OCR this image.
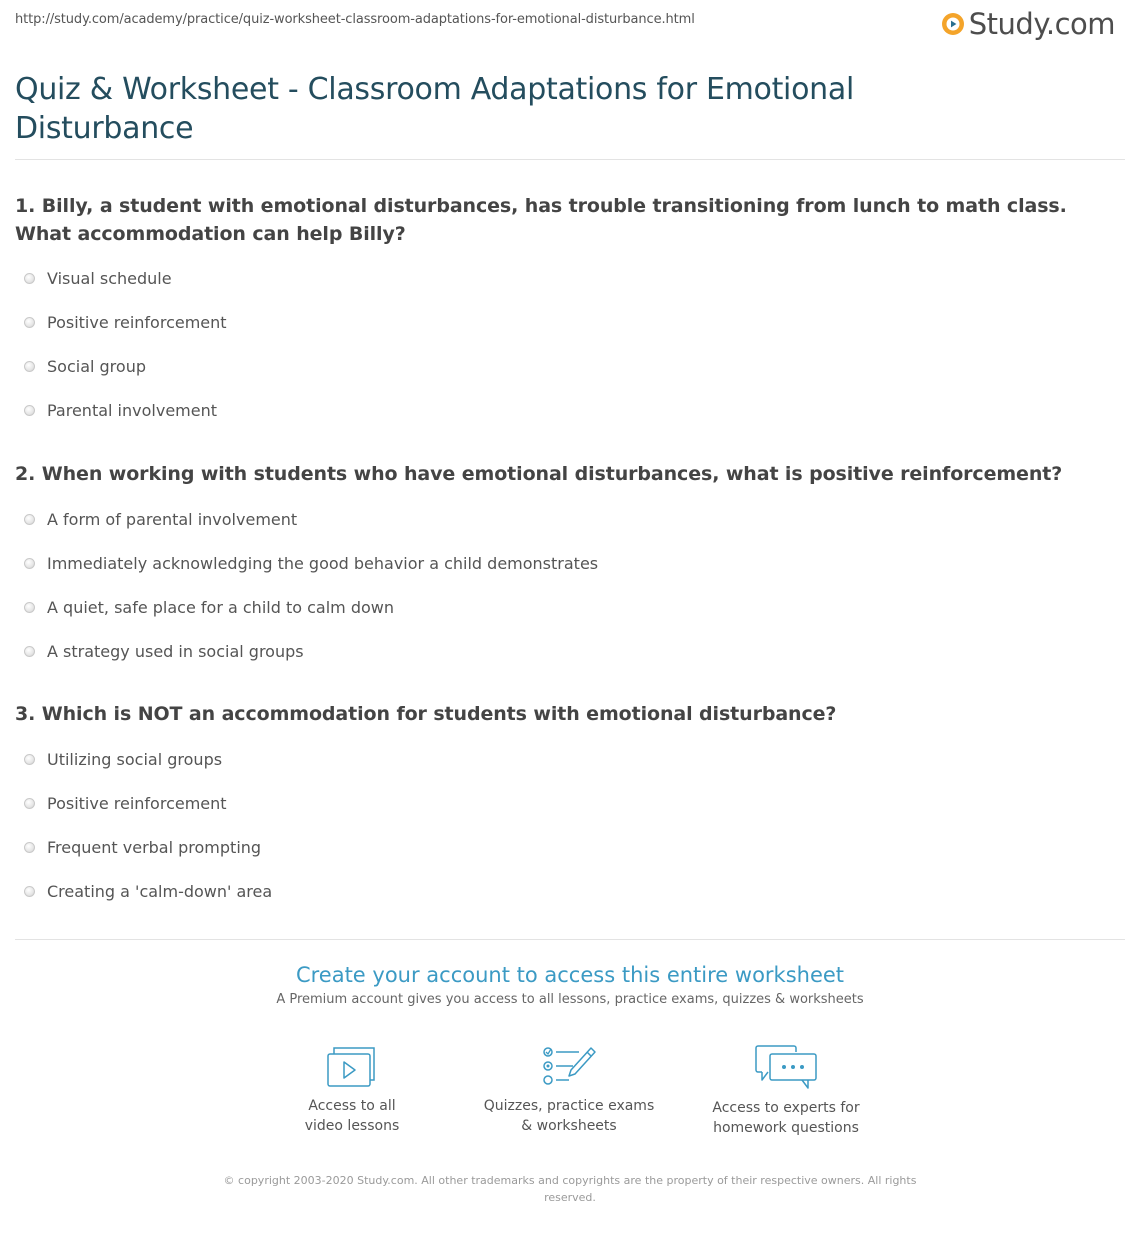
http://study.com/academy/practice/quiz-worksheet-classroom-adaptations-for-emotional-disturbance.html	Study.com
Quiz & Worksheet - Classroom Adaptations for Emotional Disturbance
1. Billy, a student with emotional disturbances, has trouble transitioning from lunch to math class. What accommodation can help Billy?
Visual schedule
Positive reinforcement
Social group
Parental involvement
2. When working with students who have emotional disturbances, what is positive reinforcement?
A form of parental involvement
Immediately acknowledging the good behavior a child demonstrates
A quiet, safe place for a child to calm down
A strategy used in social groups
3. Which is NOT an accommodation for students with emotional disturbance?
Utilizing social groups
Positive reinforcement
Frequent verbal prompting
Creating a 'calm-down' area
Create your account to access this entire worksheet
A Premium account gives you access to all lessons, practice exams, quizzes & worksheets
Access to all
video lessons
Quizzes, practice exams
& worksheets
Access to experts for
homework questions
© copyright 2003-2020 Study.com. All other trademarks and copyrights are the property of their respective owners. All rights reserved.
